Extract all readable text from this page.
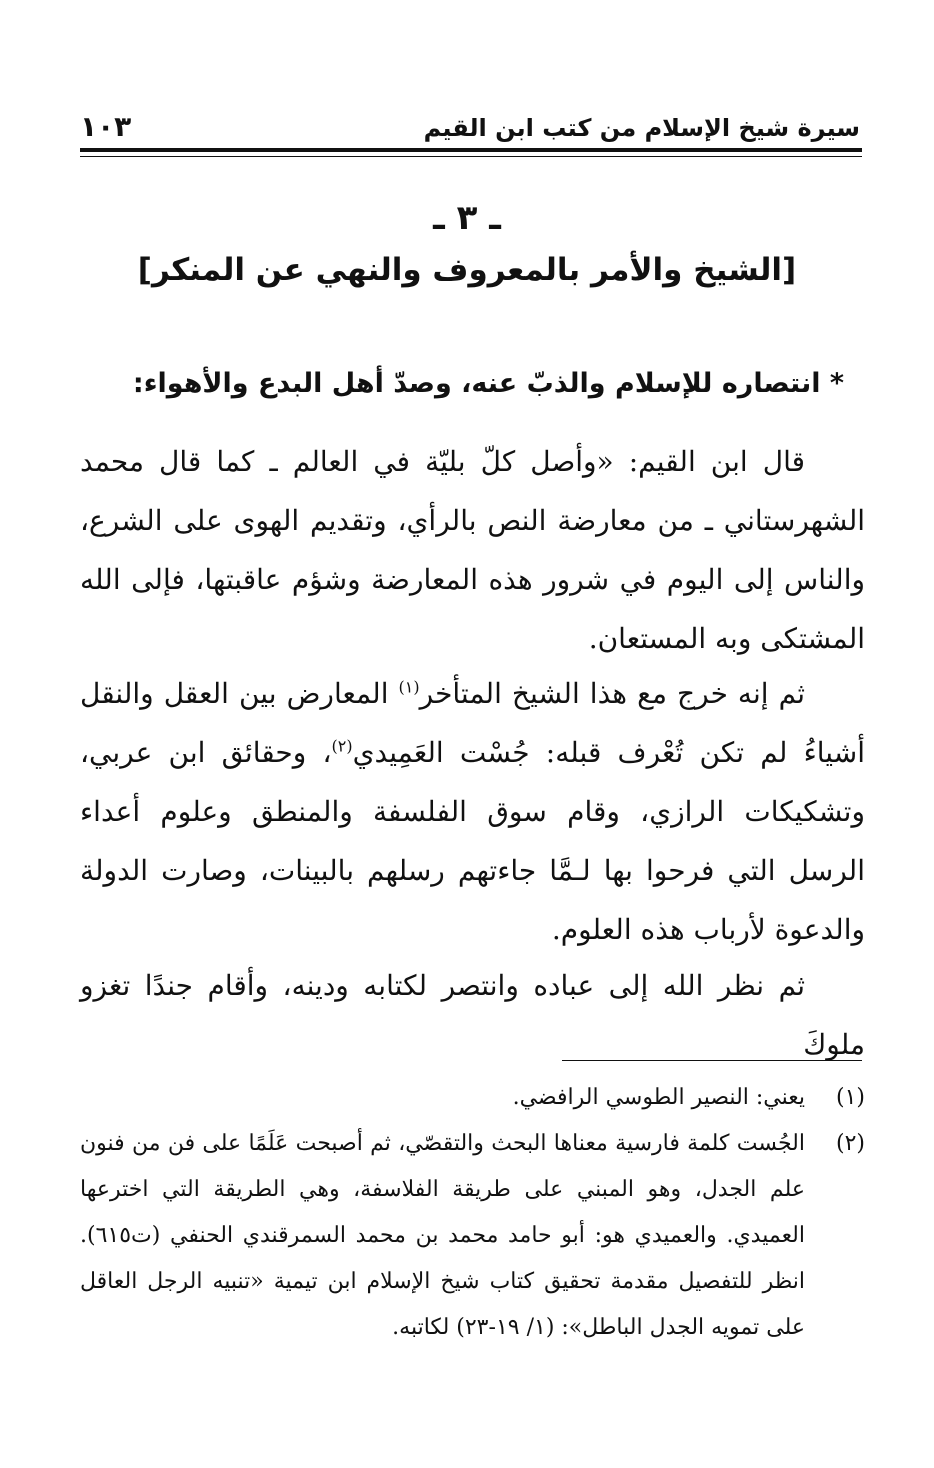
سيرة شيخ الإسلام من كتب ابن القيم
١٠٣
ـ ٣ ـ
[الشيخ والأمر بالمعروف والنهي عن المنكر]
* انتصاره للإسلام والذبّ عنه، وصدّ أهل البدع والأهواء:
قال ابن القيم: «وأصل كلّ بليّة في العالم ـ كما قال محمد الشهرستاني ـ من معارضة النص بالرأي، وتقديم الهوى على الشرع، والناس إلى اليوم في شرور هذه المعارضة وشؤم عاقبتها، فإلى الله المشتكى وبه المستعان.
ثم إنه خرج مع هذا الشيخ المتأخر$^{(١)}$ المعارض بين العقل والنقل أشياءُ لم تكن تُعْرف قبله: جُسْت العَمِيدي$^{(٢)}$، وحقائق ابن عربي، وتشكيكات الرازي، وقام سوق الفلسفة والمنطق وعلوم أعداء الرسل التي فرحوا بها لـمَّا جاءتهم رسلهم بالبينات، وصارت الدولة والدعوة لأرباب هذه العلوم.
ثم نظر الله إلى عباده وانتصر لكتابه ودينه، وأقام جندًا تغزو ملوكَ
(١)
يعني: النصير الطوسي الرافضي.
(٢)
الجُست كلمة فارسية معناها البحث والتقصّي، ثم أصبحت عَلَمًا على فن من فنون علم الجدل، وهو المبني على طريقة الفلاسفة، وهي الطريقة التي اخترعها العميدي. والعميدي هو: أبو حامد محمد بن محمد السمرقندي الحنفي (ت٦١٥). انظر للتفصيل مقدمة تحقيق كتاب شيخ الإسلام ابن تيمية «تنبيه الرجل العاقل على تمويه الجدل الباطل»: (١/ ١٩-٢٣) لكاتبه.
